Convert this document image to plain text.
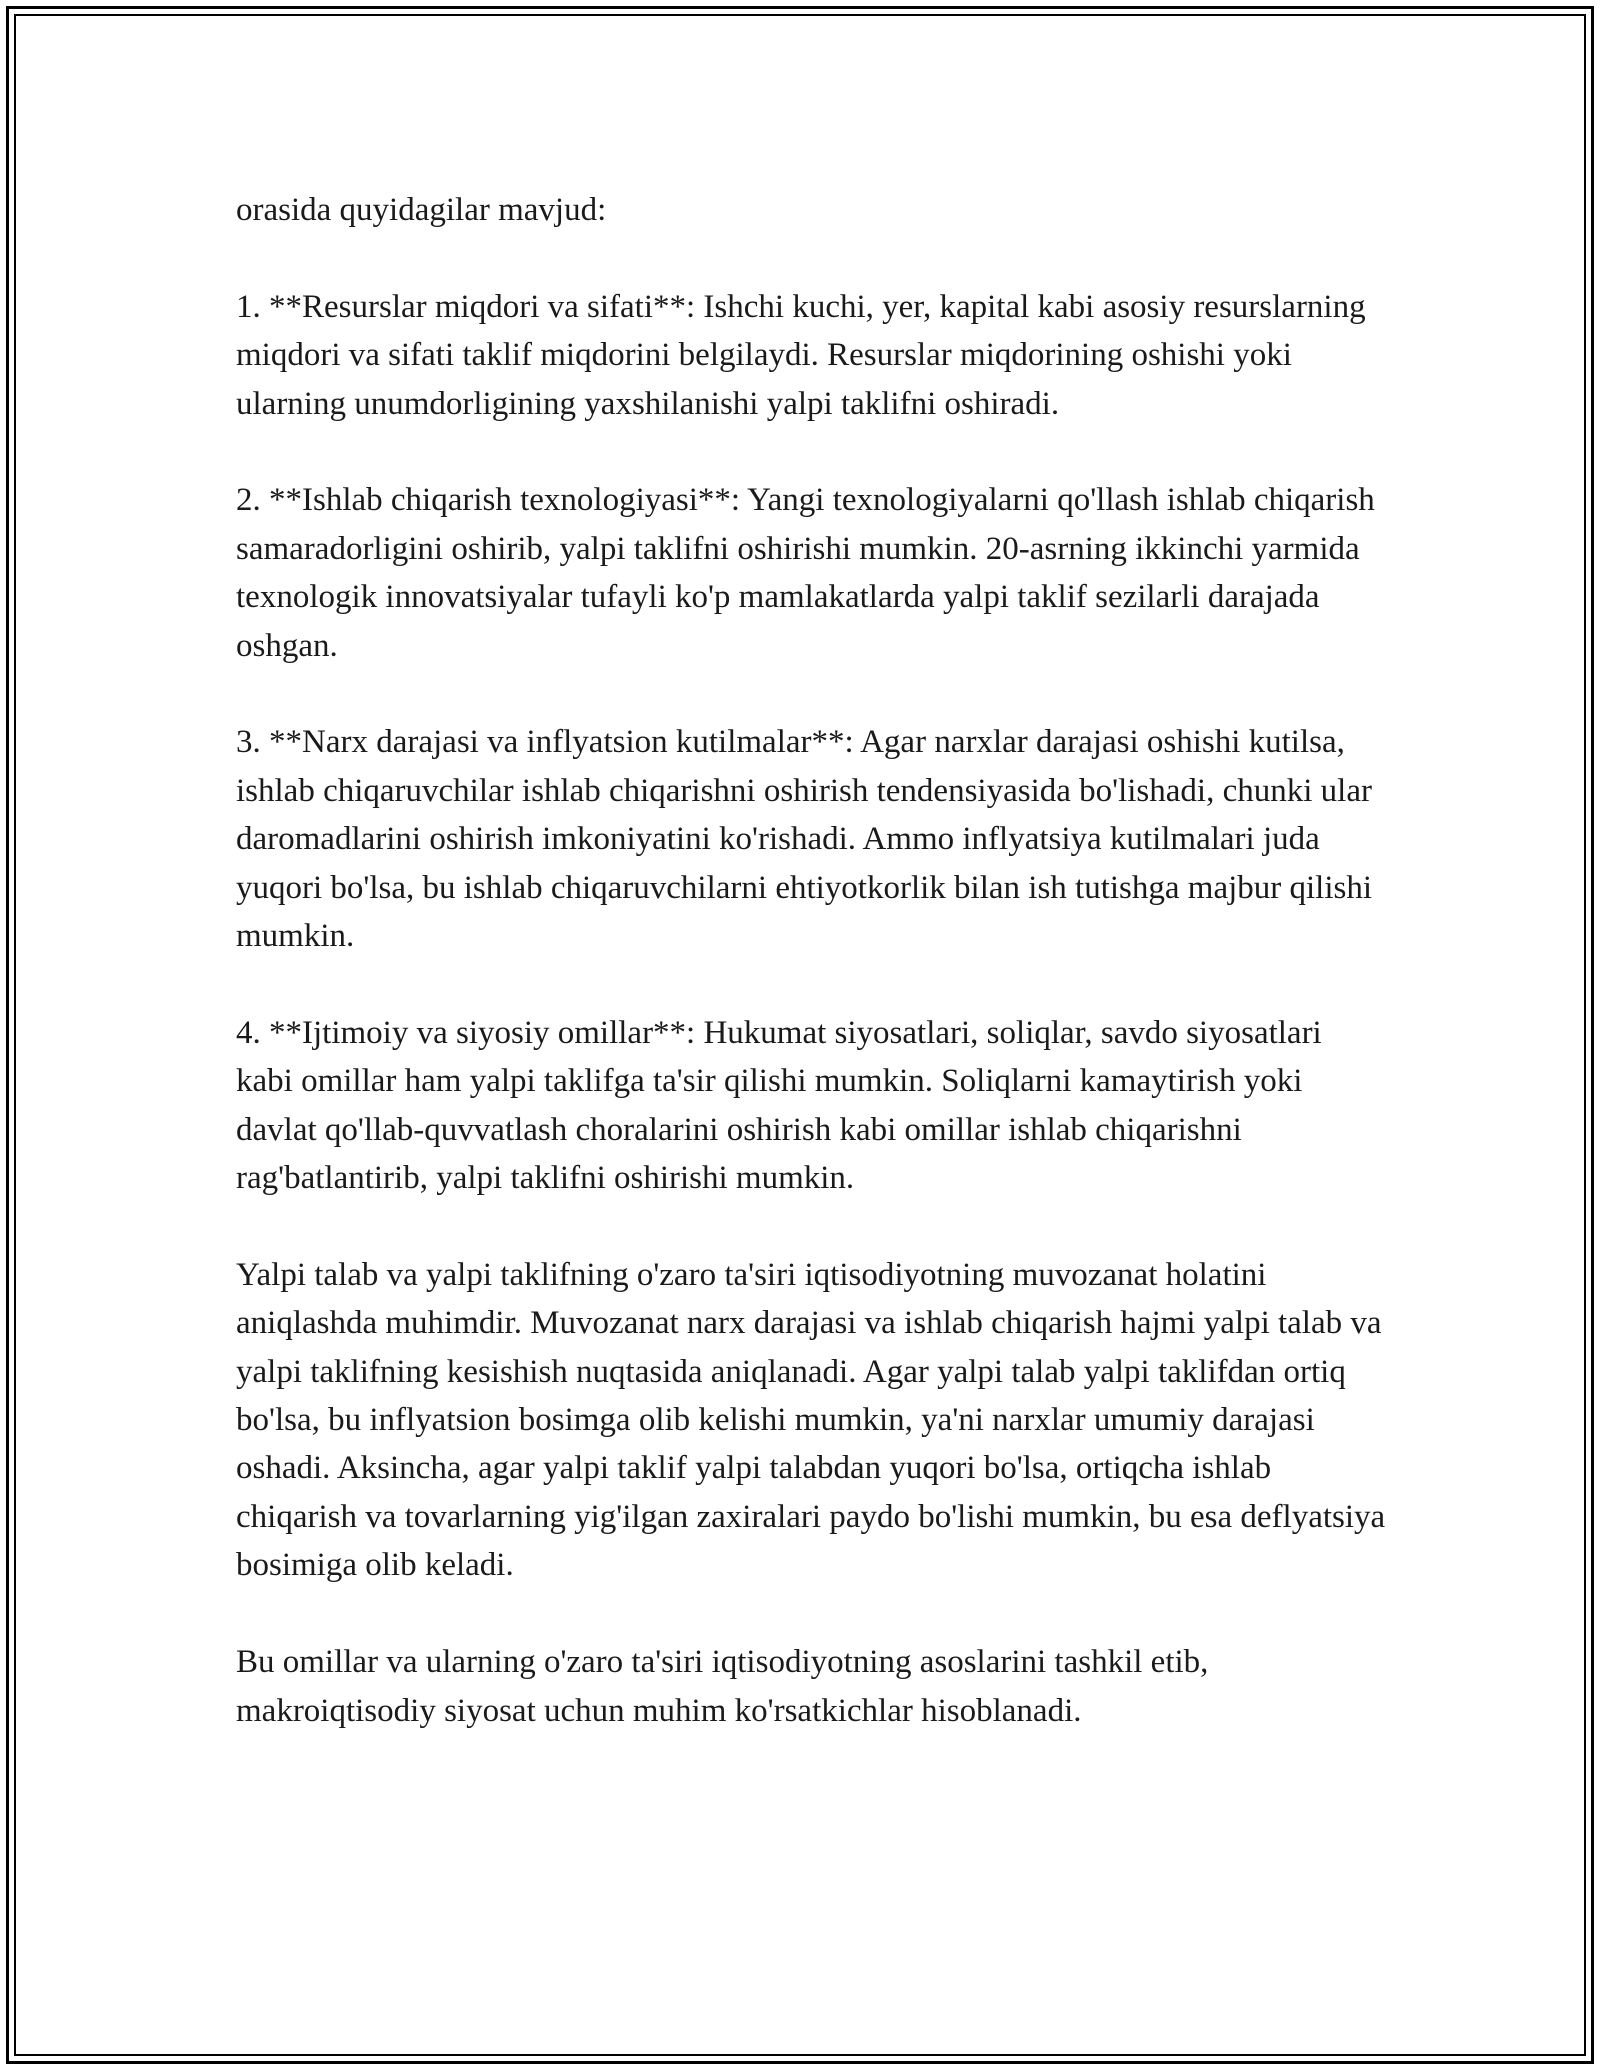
orasida quyidagilar mavjud:

1. **Resurslar miqdori va sifati**: Ishchi kuchi, yer, kapital kabi asosiy resurslarning miqdori va sifati taklif miqdorini belgilaydi. Resurslar miqdorining oshishi yoki ularning unumdorligining yaxshilanishi yalpi taklifni oshiradi.

2. **Ishlab chiqarish texnologiyasi**: Yangi texnologiyalarni qo'llash ishlab chiqarish samaradorligini oshirib, yalpi taklifni oshirishi mumkin. 20-asrning ikkinchi yarmida texnologik innovatsiyalar tufayli ko'p mamlakatlarda yalpi taklif sezilarli darajada oshgan.

3. **Narx darajasi va inflyatsion kutilmalar**: Agar narxlar darajasi oshishi kutilsa, ishlab chiqaruvchilar ishlab chiqarishni oshirish tendensiyasida bo'lishadi, chunki ular daromadlarini oshirish imkoniyatini ko'rishadi. Ammo inflyatsiya kutilmalari juda yuqori bo'lsa, bu ishlab chiqaruvchilarni ehtiyotkorlik bilan ish tutishga majbur qilishi mumkin.

4. **Ijtimoiy va siyosiy omillar**: Hukumat siyosatlari, soliqlar, savdo siyosatlari kabi omillar ham yalpi taklifga ta'sir qilishi mumkin. Soliqlarni kamaytirish yoki davlat qo'llab-quvvatlash choralarini oshirish kabi omillar ishlab chiqarishni rag'batlantirib, yalpi taklifni oshirishi mumkin.

Yalpi talab va yalpi taklifning o'zaro ta'siri iqtisodiyotning muvozanat holatini aniqlashda muhimdir. Muvozanat narx darajasi va ishlab chiqarish hajmi yalpi talab va yalpi taklifning kesishish nuqtasida aniqlanadi. Agar yalpi talab yalpi taklifdan ortiq bo'lsa, bu inflyatsion bosimga olib kelishi mumkin, ya'ni narxlar umumiy darajasi oshadi. Aksincha, agar yalpi taklif yalpi talabdan yuqori bo'lsa, ortiqcha ishlab chiqarish va tovarlarning yig'ilgan zaxiralari paydo bo'lishi mumkin, bu esa deflyatsiya bosimiga olib keladi.

Bu omillar va ularning o'zaro ta'siri iqtisodiyotning asoslarini tashkil etib, makroiqtisodiy siyosat uchun muhim ko'rsatkichlar hisoblanadi.
